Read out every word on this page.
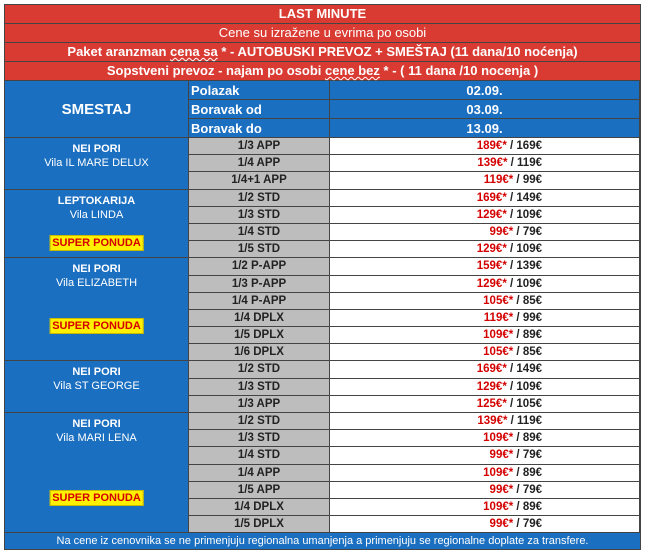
LAST MINUTE
Cene su izražene u evrima po osobi
Paket aranzman cena sa * - AUTOBUSKI PREVOZ + SMEŠTAJ (11 dana/10 noćenja)
Sopstveni prevoz - najam po osobi cene bez * - ( 11 dana /10 nocenja )
SMESTAJ
Polazak	02.09.
Boravak od	03.09.
Boravak do	13.09.
NEI PORI
Vila IL MARE DELUX
1/3 APP	189€* / 169€
1/4 APP	139€* / 119€
1/4+1 APP	119€* / 99€
LEPTOKARIJA
Vila LINDA
SUPER PONUDA
1/2 STD	169€* / 149€
1/3 STD	129€* / 109€
1/4 STD	99€* / 79€
1/5 STD	129€* / 109€
NEI PORI
Vila ELIZABETH
SUPER PONUDA
1/2 P-APP	159€* / 139€
1/3 P-APP	129€* / 109€
1/4 P-APP	105€* / 85€
1/4 DPLX	119€* / 99€
1/5 DPLX	109€* / 89€
1/6 DPLX	105€* / 85€
NEI PORI
Vila ST GEORGE
1/2 STD	169€* / 149€
1/3 STD	129€* / 109€
1/3 APP	125€* / 105€
NEI PORI
Vila MARI LENA
SUPER PONUDA
1/2 STD	139€* / 119€
1/3 STD	109€* / 89€
1/4 STD	99€* / 79€
1/4 APP	109€* / 89€
1/5 APP	99€* / 79€
1/4 DPLX	109€* / 89€
1/5 DPLX	99€* / 79€
Na cene iz cenovnika se ne primenjuju regionalna umanjenja a primenjuju se regionalne doplate za transfere.
